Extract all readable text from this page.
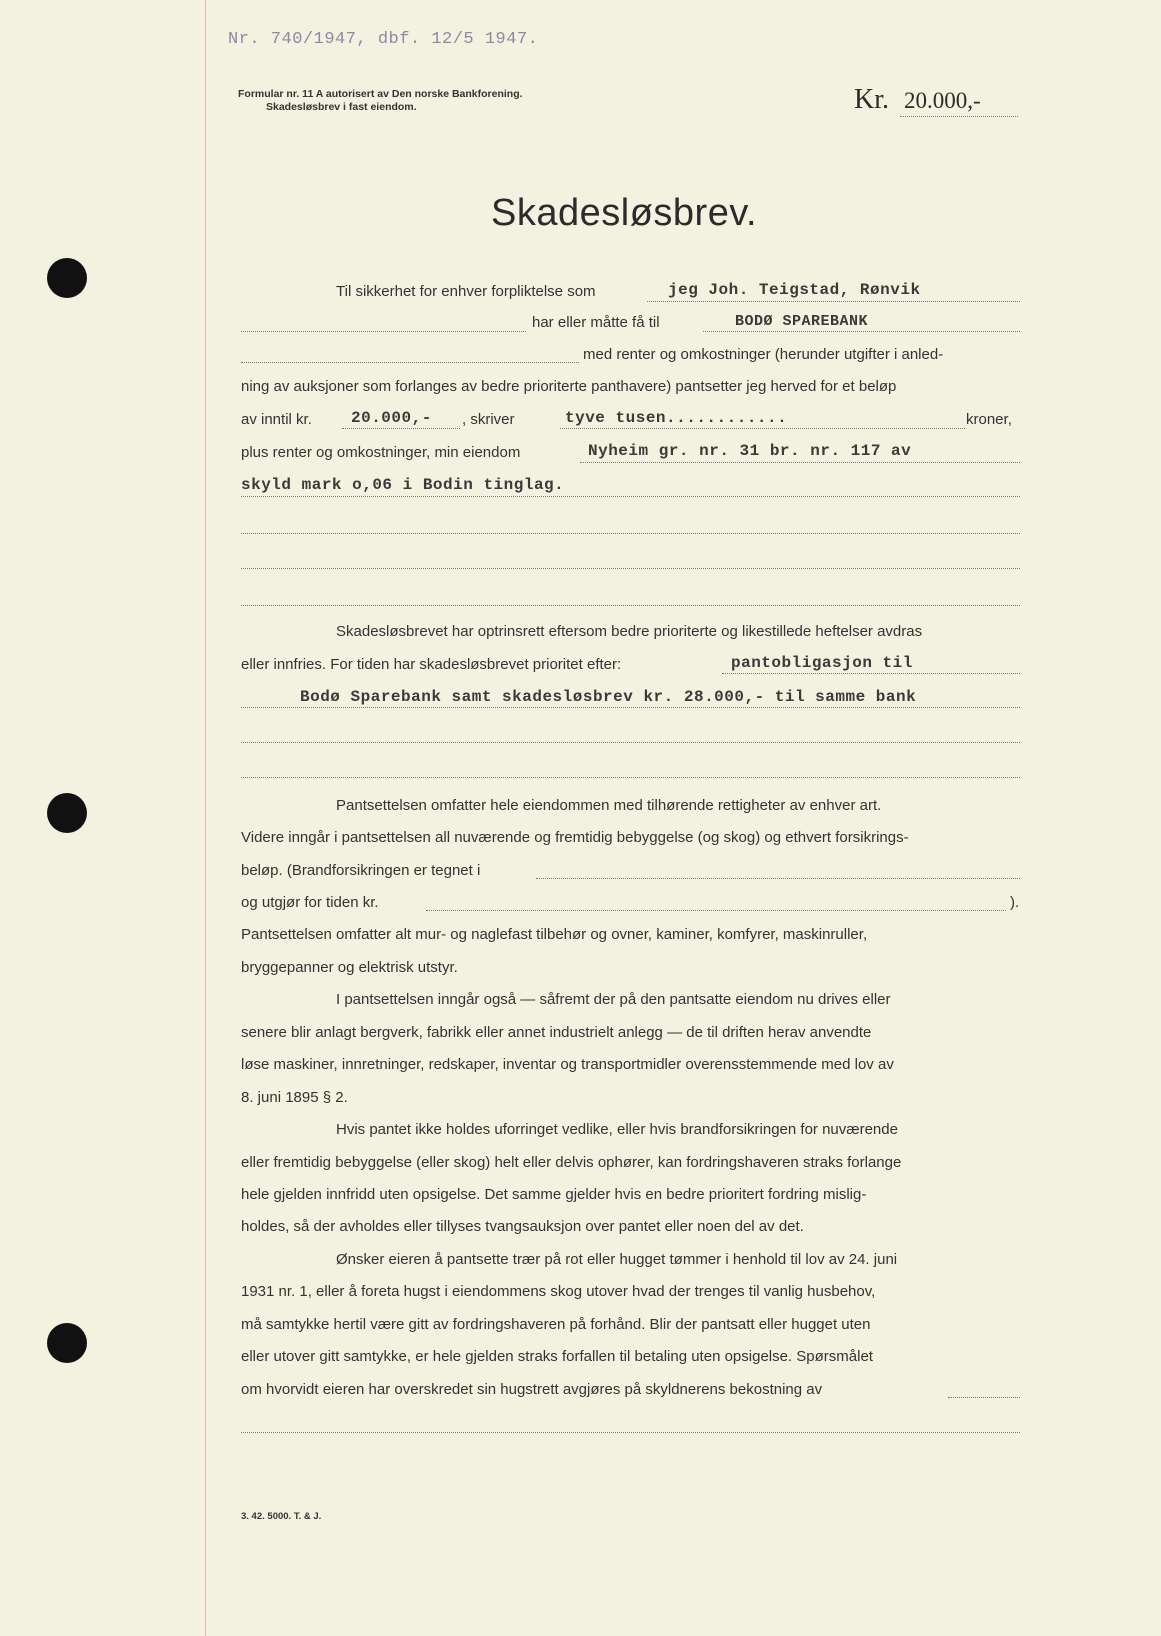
Nr. 740/1947, dbf. 12/5 1947.
Formular nr. 11 A autorisert av Den norske Bankforening.
Skadesløsbrev i fast eiendom.	Kr. 20.000,-
Skadesløsbrev.
Til sikkerhet for enhver forpliktelse som	jeg Joh. Teigstad, Rønvik
har eller måtte få til	BODØ SPAREBANK
med renter og omkostninger (herunder utgifter i anled-
ning av auksjoner som forlanges av bedre prioriterte panthavere) pantsetter jeg herved for et beløp
av inntil kr. 20.000,- , skriver	tyve tusen............	kroner,
plus renter og omkostninger, min eiendom	Nyheim gr. nr. 31 br. nr. 117 av
skyld mark o,06 i Bodin tinglag.
Skadesløsbrevet har optrinsrett eftersom bedre prioriterte og likestillede heftelser avdras
eller innfries. For tiden har skadesløsbrevet prioritet efter:	pantobligasjon til
Bodø Sparebank samt skadesløsbrev kr. 28.000,- til samme bank
Pantsettelsen omfatter hele eiendommen med tilhørende rettigheter av enhver art.
Videre inngår i pantsettelsen all nuværende og fremtidig bebyggelse (og skog) og ethvert forsikrings-
beløp. (Brandforsikringen er tegnet i
og utgjør for tiden kr.	).
Pantsettelsen omfatter alt mur- og naglefast tilbehør og ovner, kaminer, komfyrer, maskinruller,
bryggepanner og elektrisk utstyr.
I pantsettelsen inngår også — såfremt der på den pantsatte eiendom nu drives eller
senere blir anlagt bergverk, fabrikk eller annet industrielt anlegg — de til driften herav anvendte
løse maskiner, innretninger, redskaper, inventar og transportmidler overensstemmende med lov av
8. juni 1895 § 2.
Hvis pantet ikke holdes uforringet vedlike, eller hvis brandforsikringen for nuværende
eller fremtidig bebyggelse (eller skog) helt eller delvis ophører, kan fordringshaveren straks forlange
hele gjelden innfridd uten opsigelse. Det samme gjelder hvis en bedre prioritert fordring mislig-
holdes, så der avholdes eller tillyses tvangsauksjon over pantet eller noen del av det.
Ønsker eieren å pantsette trær på rot eller hugget tømmer i henhold til lov av 24. juni
1931 nr. 1, eller å foreta hugst i eiendommens skog utover hvad der trenges til vanlig husbehov,
må samtykke hertil være gitt av fordringshaveren på forhånd. Blir der pantsatt eller hugget uten
eller utover gitt samtykke, er hele gjelden straks forfallen til betaling uten opsigelse. Spørsmålet
om hvorvidt eieren har overskredet sin hugstrett avgjøres på skyldnerens bekostning av
3. 42. 5000. T. & J.
